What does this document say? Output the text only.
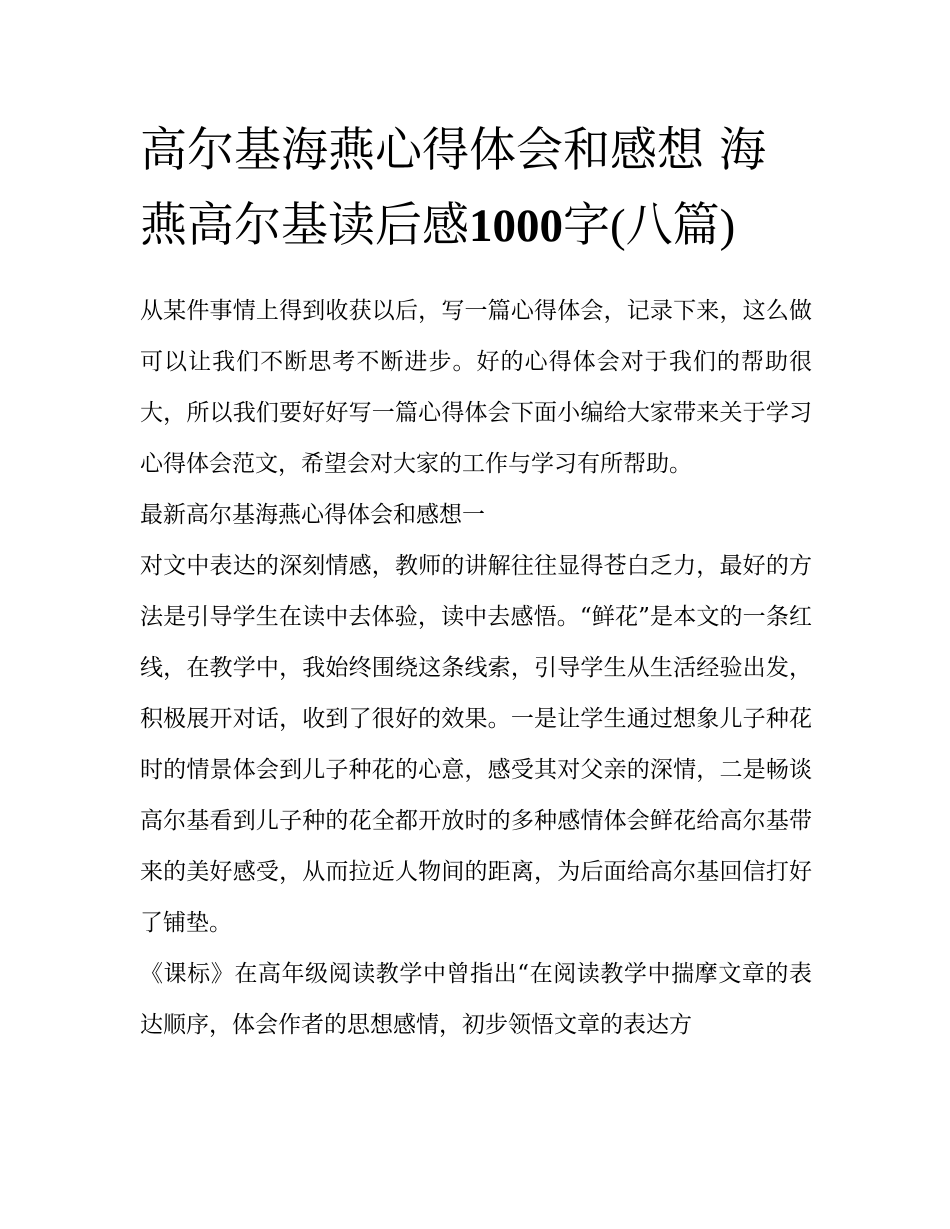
高尔基海燕心得体会和感想 海燕高尔基读后感1000字(八篇)

从某件事情上得到收获以后，写一篇心得体会，记录下来，这么做可以让我们不断思考不断进步。好的心得体会对于我们的帮助很大，所以我们要好好写一篇心得体会下面小编给大家带来关于学习心得体会范文，希望会对大家的工作与学习有所帮助。

最新高尔基海燕心得体会和感想一

对文中表达的深刻情感，教师的讲解往往显得苍白乏力，最好的方法是引导学生在读中去体验，读中去感悟。“鲜花”是本文的一条红线，在教学中，我始终围绕这条线索，引导学生从生活经验出发，积极展开对话，收到了很好的效果。一是让学生通过想象儿子种花时的情景体会到儿子种花的心意，感受其对父亲的深情，二是畅谈高尔基看到儿子种的花全都开放时的多种感情体会鲜花给高尔基带来的美好感受，从而拉近人物间的距离，为后面给高尔基回信打好了铺垫。

《课标》在高年级阅读教学中曾指出“在阅读教学中揣摩文章的表达顺序，体会作者的思想感情，初步领悟文章的表达方
